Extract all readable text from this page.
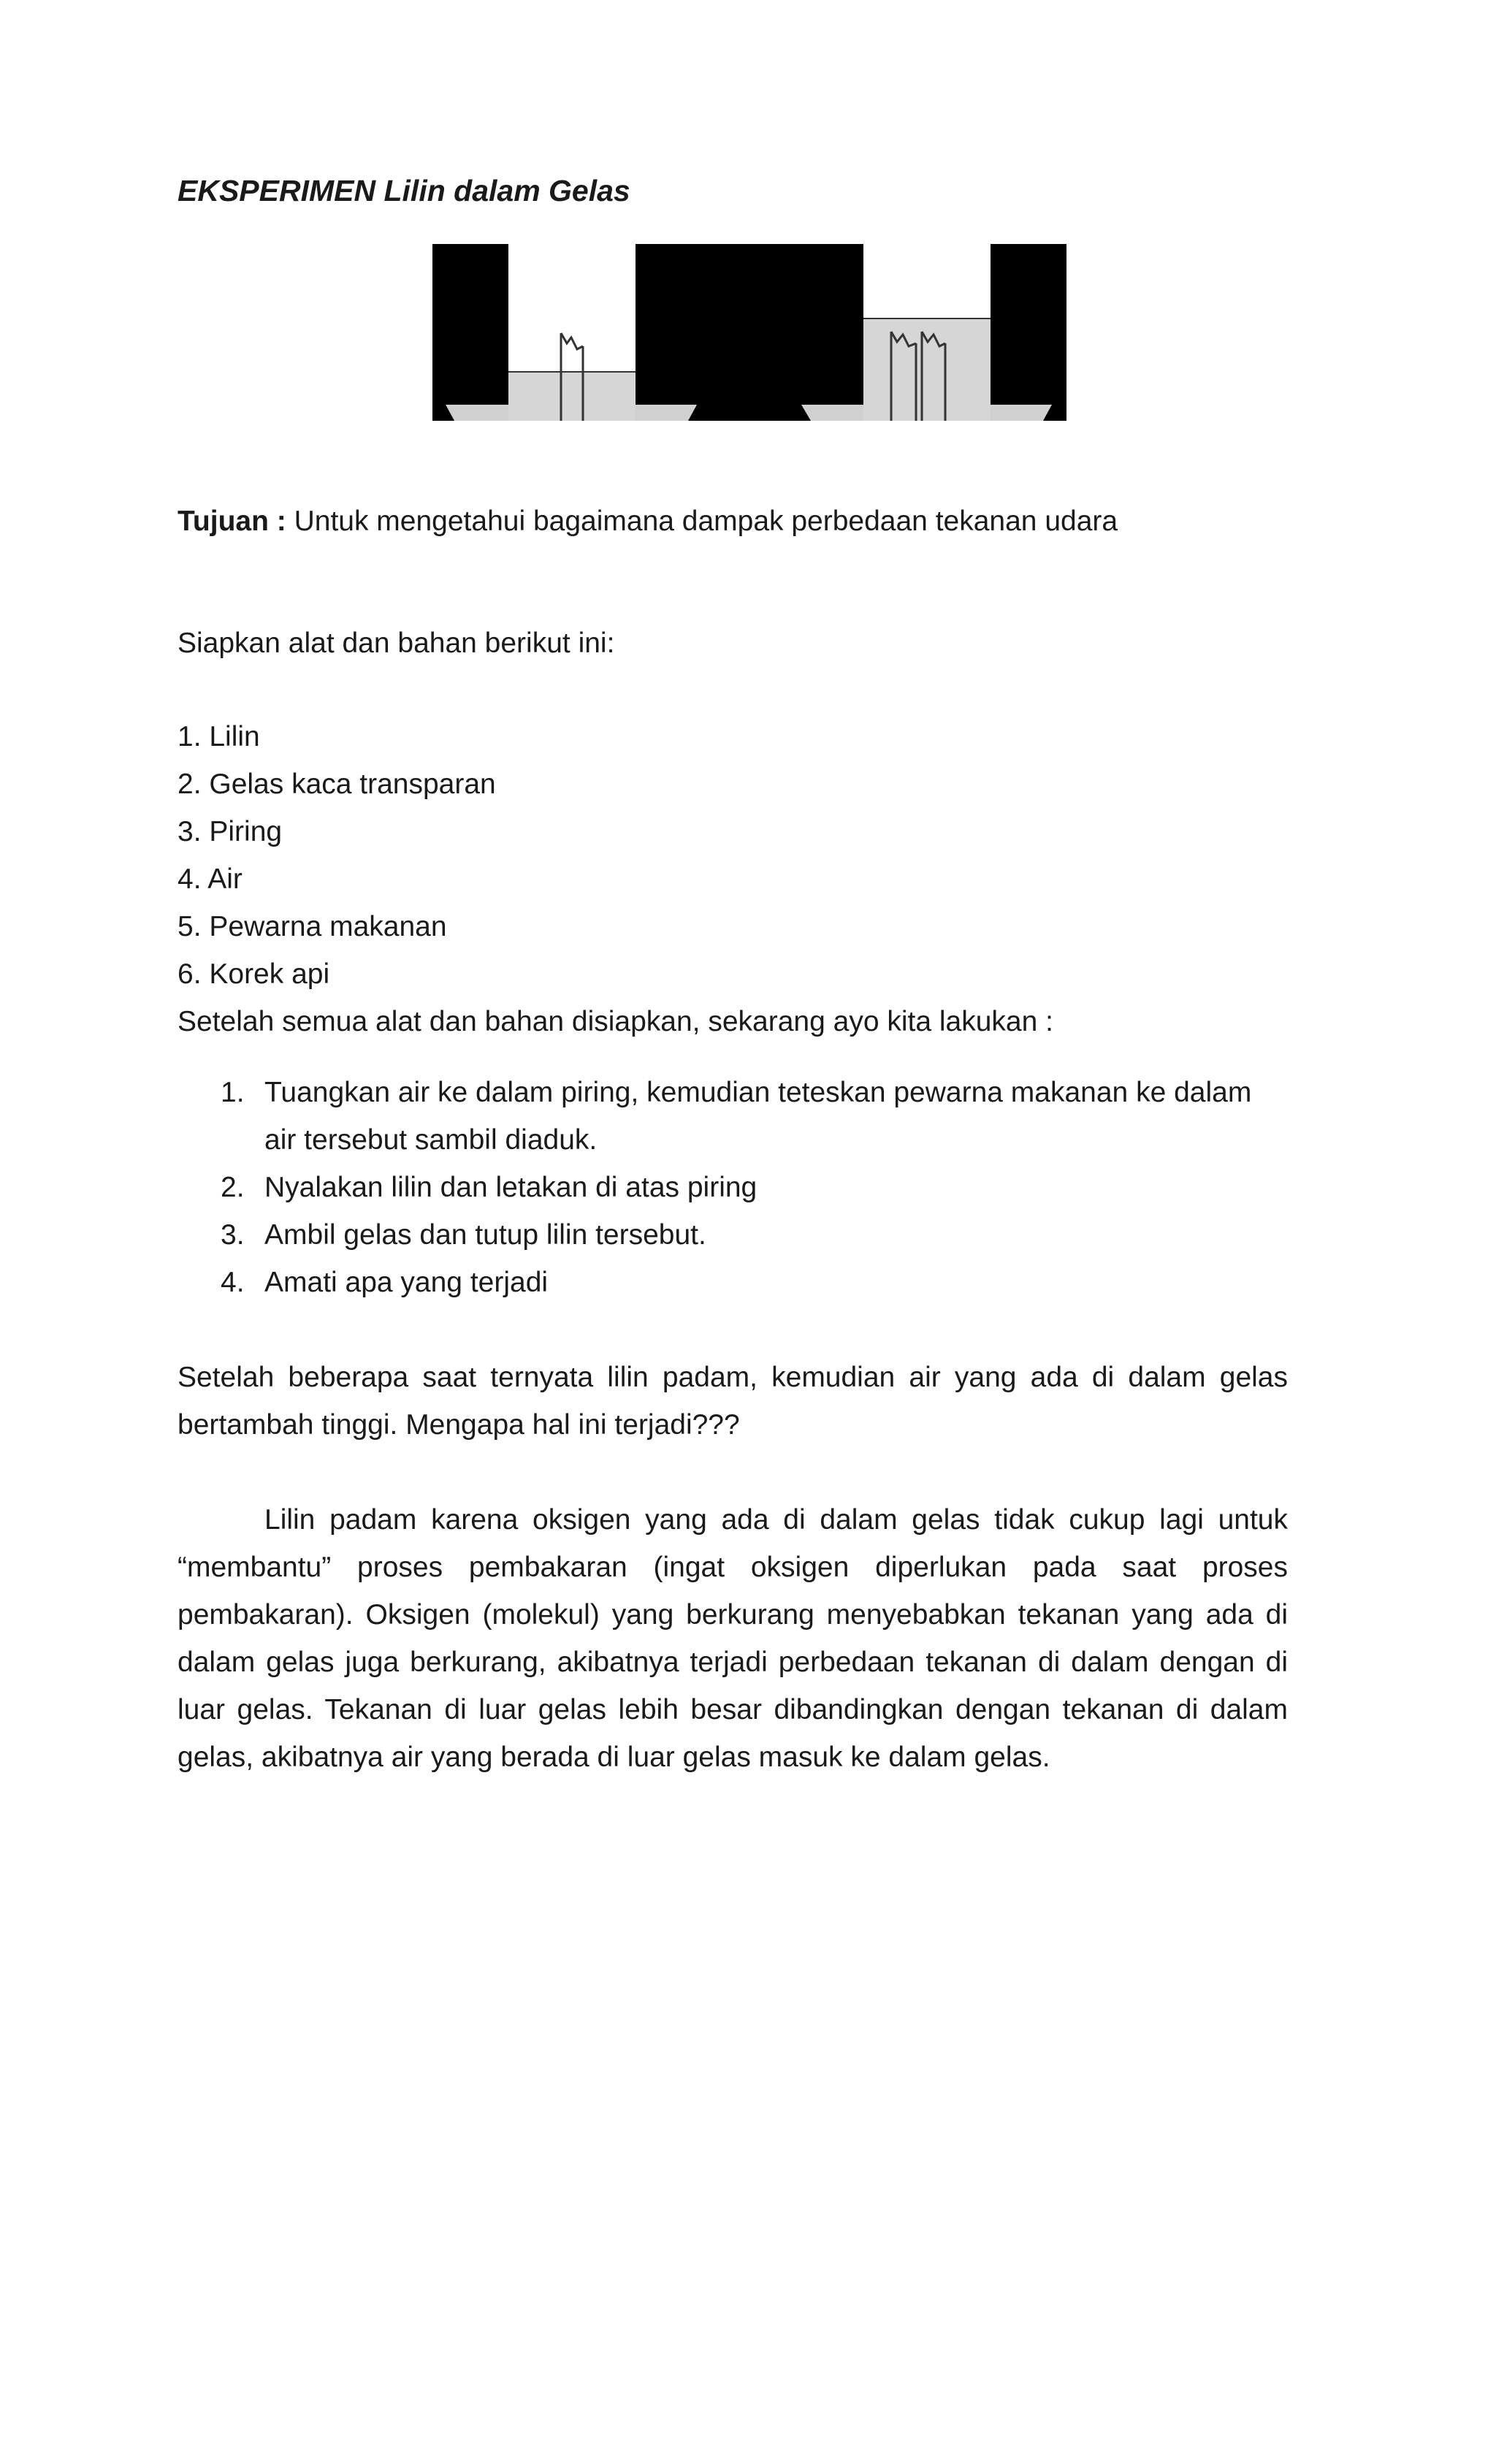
EKSPERIMEN Lilin dalam Gelas

Tujuan : Untuk mengetahui bagaimana dampak perbedaan tekanan udara

Siapkan alat dan bahan berikut ini:

1. Lilin
2. Gelas kaca transparan
3. Piring
4. Air
5. Pewarna makanan
6. Korek api

Setelah semua alat dan bahan disiapkan, sekarang ayo kita lakukan :

1. Tuangkan air ke dalam piring, kemudian teteskan pewarna makanan ke dalam
air tersebut sambil diaduk.
2. Nyalakan lilin dan letakan di atas piring
3. Ambil gelas dan tutup lilin tersebut.
4. Amati apa yang terjadi
Setelah beberapa saat ternyata lilin padam, kemudian air yang ada di dalam gelas
bertambah tinggi. Mengapa hal ini terjadi???
Lilin padam karena oksigen yang ada di dalam gelas tidak cukup lagi untuk
“membantu” proses pembakaran (ingat oksigen diperlukan pada saat proses
pembakaran). Oksigen (molekul) yang berkurang menyebabkan tekanan yang ada di
dalam gelas juga berkurang, akibatnya terjadi perbedaan tekanan di dalam dengan di
luar gelas. Tekanan di luar gelas lebih besar dibandingkan dengan tekanan di dalam
gelas, akibatnya air yang berada di luar gelas masuk ke dalam gelas.
